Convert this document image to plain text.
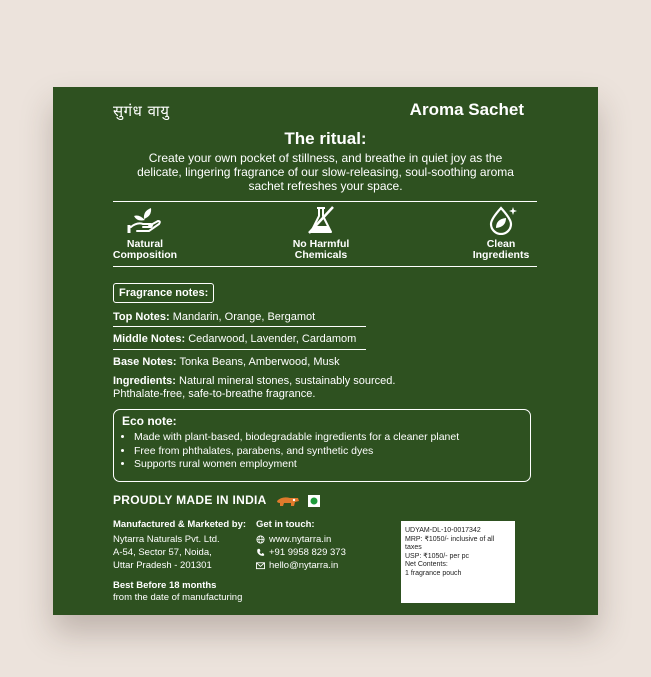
सुगंध वायु	Aroma Sachet
The ritual:
Create your own pocket of stillness, and breathe in quiet joy as the delicate, lingering fragrance of our slow-releasing, soul-soothing aroma sachet refreshes your space.
Natural
Composition
No Harmful
Chemicals
Clean
Ingredients
Fragrance notes:
Top Notes: Mandarin, Orange, Bergamot
Middle Notes: Cedarwood, Lavender, Cardamom
Base Notes: Tonka Beans, Amberwood, Musk
Ingredients: Natural mineral stones, sustainably sourced.
Phthalate-free, safe-to-breathe fragrance.
Eco note:
• Made with plant-based, biodegradable ingredients for a cleaner planet
• Free from phthalates, parabens, and synthetic dyes
• Supports rural women employment
PROUDLY MADE IN INDIA
Manufactured & Marketed by:
Nytarra Naturals Pvt. Ltd.
A-54, Sector 57, Noida,
Uttar Pradesh - 201301
Get in touch:
www.nytarra.in
+91 9958 829 373
hello@nytarra.in
Best Before 18 months
from the date of manufacturing
UDYAM-DL-10-0017342
MRP: ₹1050/- inclusive of all taxes
USP: ₹1050/- per pc
Net Contents:
1 fragrance pouch
